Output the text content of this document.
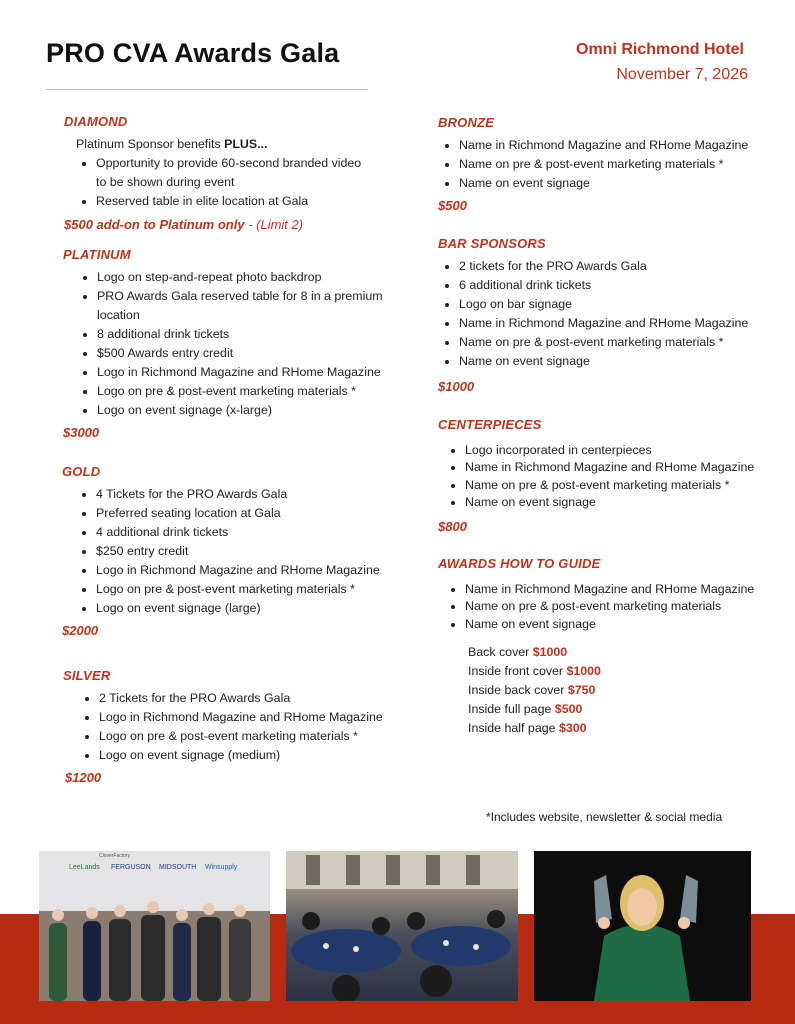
PRO CVA Awards Gala	Omni Richmond Hotel
November 7, 2026
DIAMOND
Platinum Sponsor benefits PLUS...
• Opportunity to provide 60-second branded video to be shown during event
• Reserved table in elite location at Gala
$500 add-on to Platinum only - (Limit 2)
PLATINUM
• Logo on step-and-repeat photo backdrop
• PRO Awards Gala reserved table for 8 in a premium location
• 8 additional drink tickets
• $500 Awards entry credit
• Logo in Richmond Magazine and RHome Magazine
• Logo on pre & post-event marketing materials *
• Logo on event signage (x-large)
$3000
GOLD
• 4 Tickets for the PRO Awards Gala
• Preferred seating location at Gala
• 4 additional drink tickets
• $250 entry credit
• Logo in Richmond Magazine and RHome Magazine
• Logo on pre & post-event marketing materials *
• Logo on event signage (large)
$2000
SILVER
• 2 Tickets for the PRO Awards Gala
• Logo in Richmond Magazine and RHome Magazine
• Logo on pre & post-event marketing materials *
• Logo on event signage (medium)
$1200
BRONZE
• Name in Richmond Magazine and RHome Magazine
• Name on pre & post-event marketing materials *
• Name on event signage
$500
BAR SPONSORS
• 2 tickets for the PRO Awards Gala
• 6 additional drink tickets
• Logo on bar signage
• Name in Richmond Magazine and RHome Magazine
• Name on pre & post-event marketing materials *
• Name on event signage
$1000
CENTERPIECES
• Logo incorporated in centerpieces
• Name in Richmond Magazine and RHome Magazine
• Name on pre & post-event marketing materials *
• Name on event signage
$800
AWARDS HOW TO GUIDE
• Name in Richmond Magazine and RHome Magazine
• Name on pre & post-event marketing materials
• Name on event signage
Back cover $1000
Inside front cover $1000
Inside back cover $750
Inside full page $500
Inside half page $300
*Includes website, newsletter & social media
LeeLands FERGUSON MIDSOUTH Winsupply
CloverFactory
